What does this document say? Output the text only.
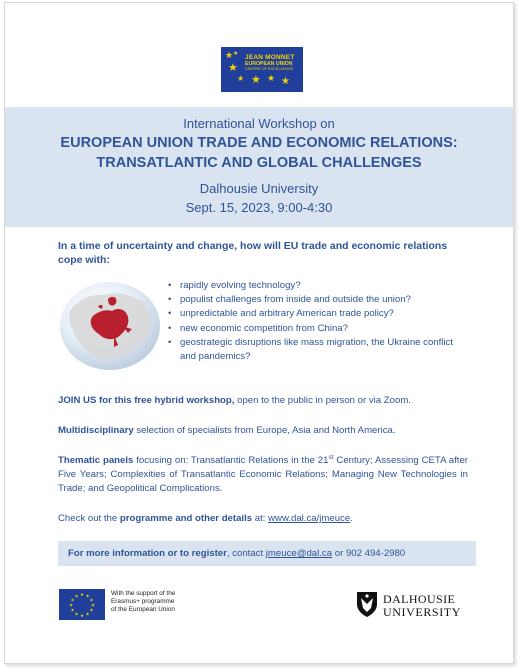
★ ★
★
★ ★ ★ ★
JEAN MONNET
EUROPEAN UNION
CENTRE OF EXCELLENCE
International Workshop on
EUROPEAN UNION TRADE AND ECONOMIC RELATIONS:
TRANSATLANTIC AND GLOBAL CHALLENGES
Dalhousie University
Sept. 15, 2023, 9:00-4:30
In a time of uncertainty and change, how will EU trade and economic relations cope with:
• rapidly evolving technology?
• populist challenges from inside and outside the union?
• unpredictable and arbitrary American trade policy?
• new economic competition from China?
• geostrategic disruptions like mass migration, the Ukraine conflict and pandemics?
JOIN US for this free hybrid workshop, open to the public in person or via Zoom.
Multidisciplinary selection of specialists from Europe, Asia and North America.
Thematic panels focusing on: Transatlantic Relations in the 21st Century; Assessing CETA after Five Years; Complexities of Transatlantic Economic Relations; Managing New Technologies in Trade; and Geopolitical Complications.
Check out the programme and other details at: www.dal.ca/jmeuce.
For more information or to register, contact jmeuce@dal.ca or 902 494-2980
★ ★
★
★
★
★
★
★
★
★
★
★	With the support of the
Erasmus+ programme
of the European Union
DALHOUSIE
UNIVERSITY
